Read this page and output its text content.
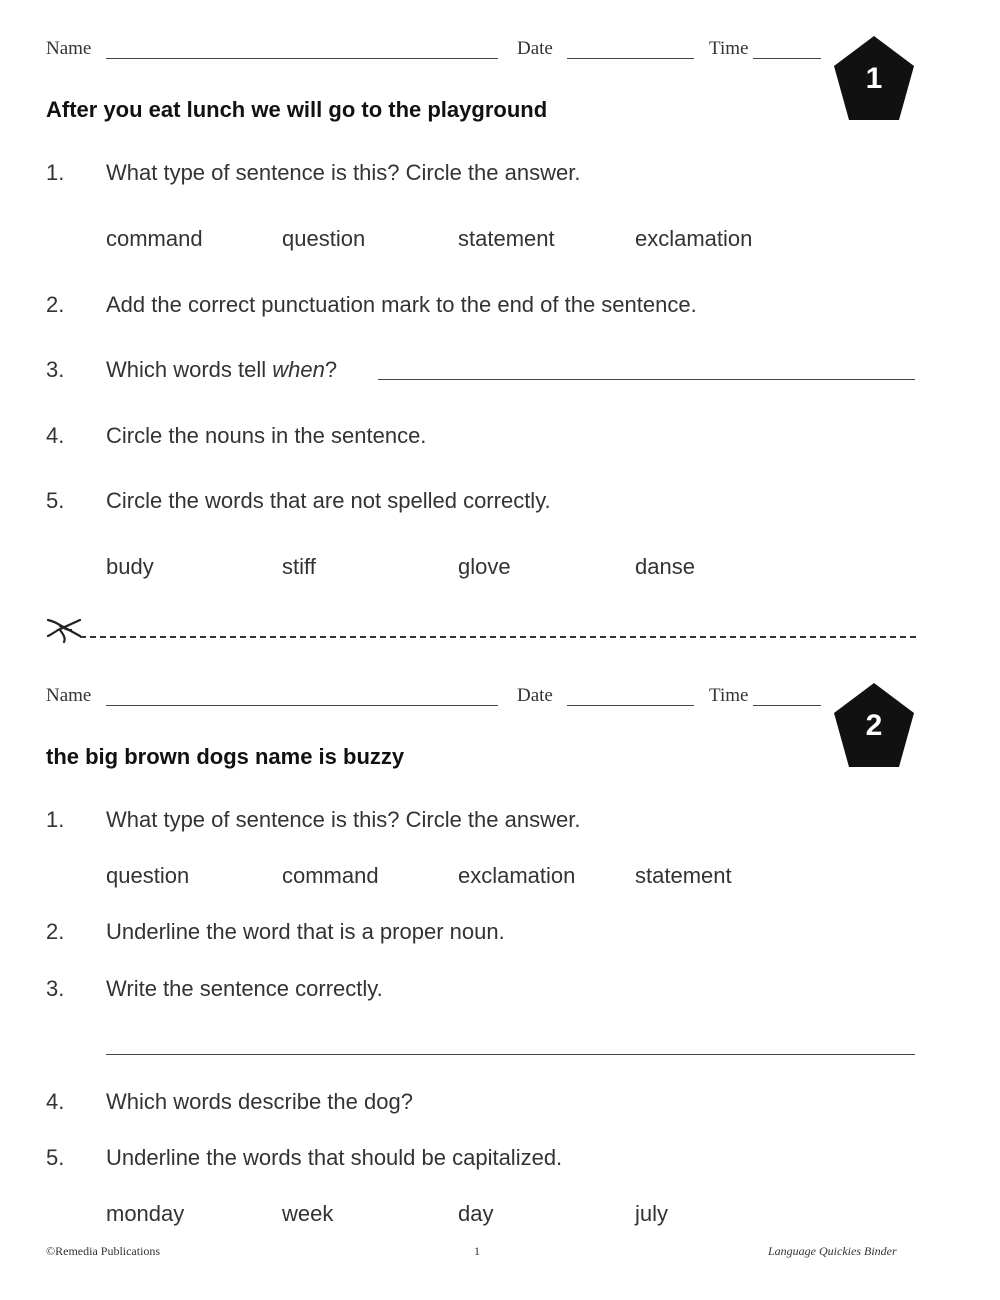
Name	Date	Time
1
After you eat lunch we will go to the playground
1. What type of sentence is this? Circle the answer.
command	question	statement	exclamation
2. Add the correct punctuation mark to the end of the sentence.
3. Which words tell when?
4. Circle the nouns in the sentence.
5. Circle the words that are not spelled correctly.
budy	stiff	glove	danse
Name	Date	Time
2
the big brown dogs name is buzzy
1. What type of sentence is this? Circle the answer.
question	command	exclamation	statement
2. Underline the word that is a proper noun.
3. Write the sentence correctly.
4. Which words describe the dog?
5. Underline the words that should be capitalized.
monday	week	day	july
©Remedia Publications	1	Language Quickies Binder
